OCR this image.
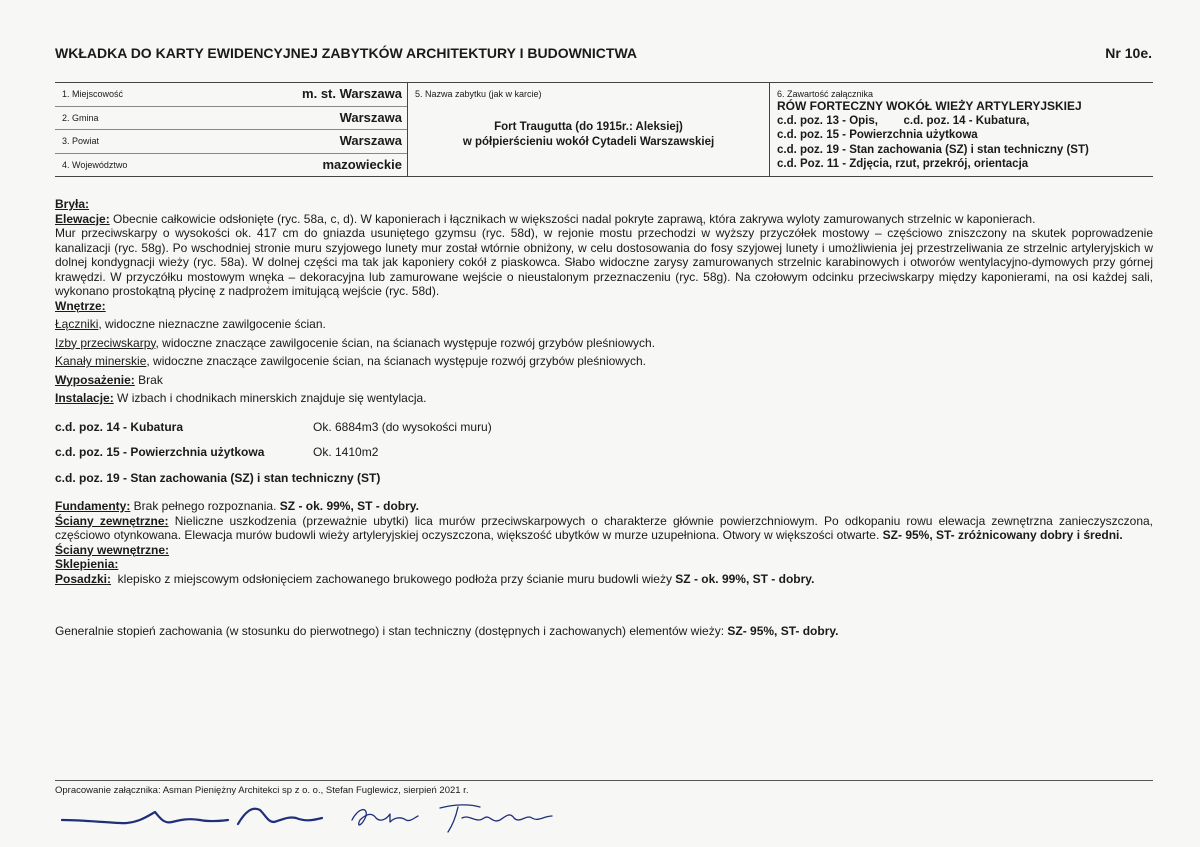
WKŁADKA DO KARTY EWIDENCYJNEJ ZABYTKÓW ARCHITEKTURY I BUDOWNICTWA	Nr 10e.
1. Miejscowość	m. st. Warszawa
2. Gmina	Warszawa
3. Powiat	Warszawa
4. Województwo	mazowieckie
5. Nazwa zabytku (jak w karcie)
Fort Traugutta (do 1915r.: Aleksiej)
w półpierścieniu wokół Cytadeli Warszawskiej
6. Zawartość załącznika
RÓW FORTECZNY WOKÓŁ WIEŻY ARTYLERYJSKIEJ
c.d. poz. 13 - Opis,        c.d. poz. 14 - Kubatura,
c.d. poz. 15 - Powierzchnia użytkowa
c.d. poz. 19 - Stan zachowania (SZ) i stan techniczny (ST)
c.d. Poz. 11 - Zdjęcia, rzut, przekrój, orientacja
Bryła:

Elewacje: Obecnie całkowicie odsłonięte (ryc. 58a, c, d). W kaponierach i łącznikach w większości nadal pokryte zaprawą, która zakrywa wyloty zamurowanych strzelnic w kaponierach.

Mur przeciwskarpy o wysokości ok. 417 cm do gniazda usuniętego gzymsu (ryc. 58d), w rejonie mostu przechodzi w wyższy przyczółek mostowy – częściowo zniszczony na skutek poprowadzenie kanalizacji (ryc. 58g). Po wschodniej stronie muru szyjowego lunety mur został wtórnie obniżony, w celu dostosowania do fosy szyjowej lunety i umożliwienia jej przestrzeliwania ze strzelnic artyleryjskich w dolnej kondygnacji wieży (ryc. 58a). W dolnej części ma tak jak kaponiery cokół z piaskowca. Słabo widoczne zarysy zamurowanych strzelnic karabinowych i otworów wentylacyjno-dymowych przy górnej krawędzi. W przyczółku mostowym wnęka – dekoracyjna lub zamurowane wejście o nieustalonym przeznaczeniu (ryc. 58g). Na czołowym odcinku przeciwskarpy między kaponierami, na osi każdej sali, wykonano prostokątną płycinę z nadprożem imitującą wejście (ryc. 58d).

Wnętrze:

Łączniki, widoczne nieznaczne zawilgocenie ścian.

Izby przeciwskarpy, widoczne znaczące zawilgocenie ścian, na ścianach występuje rozwój grzybów pleśniowych.

Kanały minerskie, widoczne znaczące zawilgocenie ścian, na ścianach występuje rozwój grzybów pleśniowych.

Wyposażenie: Brak

Instalacje: W izbach i chodnikach minerskich znajduje się wentylacja.

c.d. poz. 14 - Kubatura	Ok. 6884m3 (do wysokości muru)
c.d. poz. 15 - Powierzchnia użytkowa	Ok. 1410m2
c.d. poz. 19 - Stan zachowania (SZ) i stan techniczny (ST)

Fundamenty: Brak pełnego rozpoznania. SZ - ok. 99%, ST - dobry.

Ściany zewnętrzne: Nieliczne uszkodzenia (przeważnie ubytki) lica murów przeciwskarpowych o charakterze głównie powierzchniowym. Po odkopaniu rowu elewacja zewnętrzna zanieczyszczona, częściowo otynkowana. Elewacja murów budowli wieży artyleryjskiej oczyszczona, większość ubytków w murze uzupełniona. Otwory w większości otwarte. SZ- 95%, ST- zróżnicowany dobry i średni.

Ściany wewnętrzne:
Sklepienia:

Posadzki:  klepisko z miejscowym odsłonięciem zachowanego brukowego podłoża przy ścianie muru budowli wieży SZ - ok. 99%, ST - dobry.

Generalnie stopień zachowania (w stosunku do pierwotnego) i stan techniczny (dostępnych i zachowanych) elementów wieży: SZ- 95%, ST- dobry.

Opracowanie załącznika: Asman Pieniężny Architekci sp z o. o., Stefan Fuglewicz, sierpień 2021 r.
